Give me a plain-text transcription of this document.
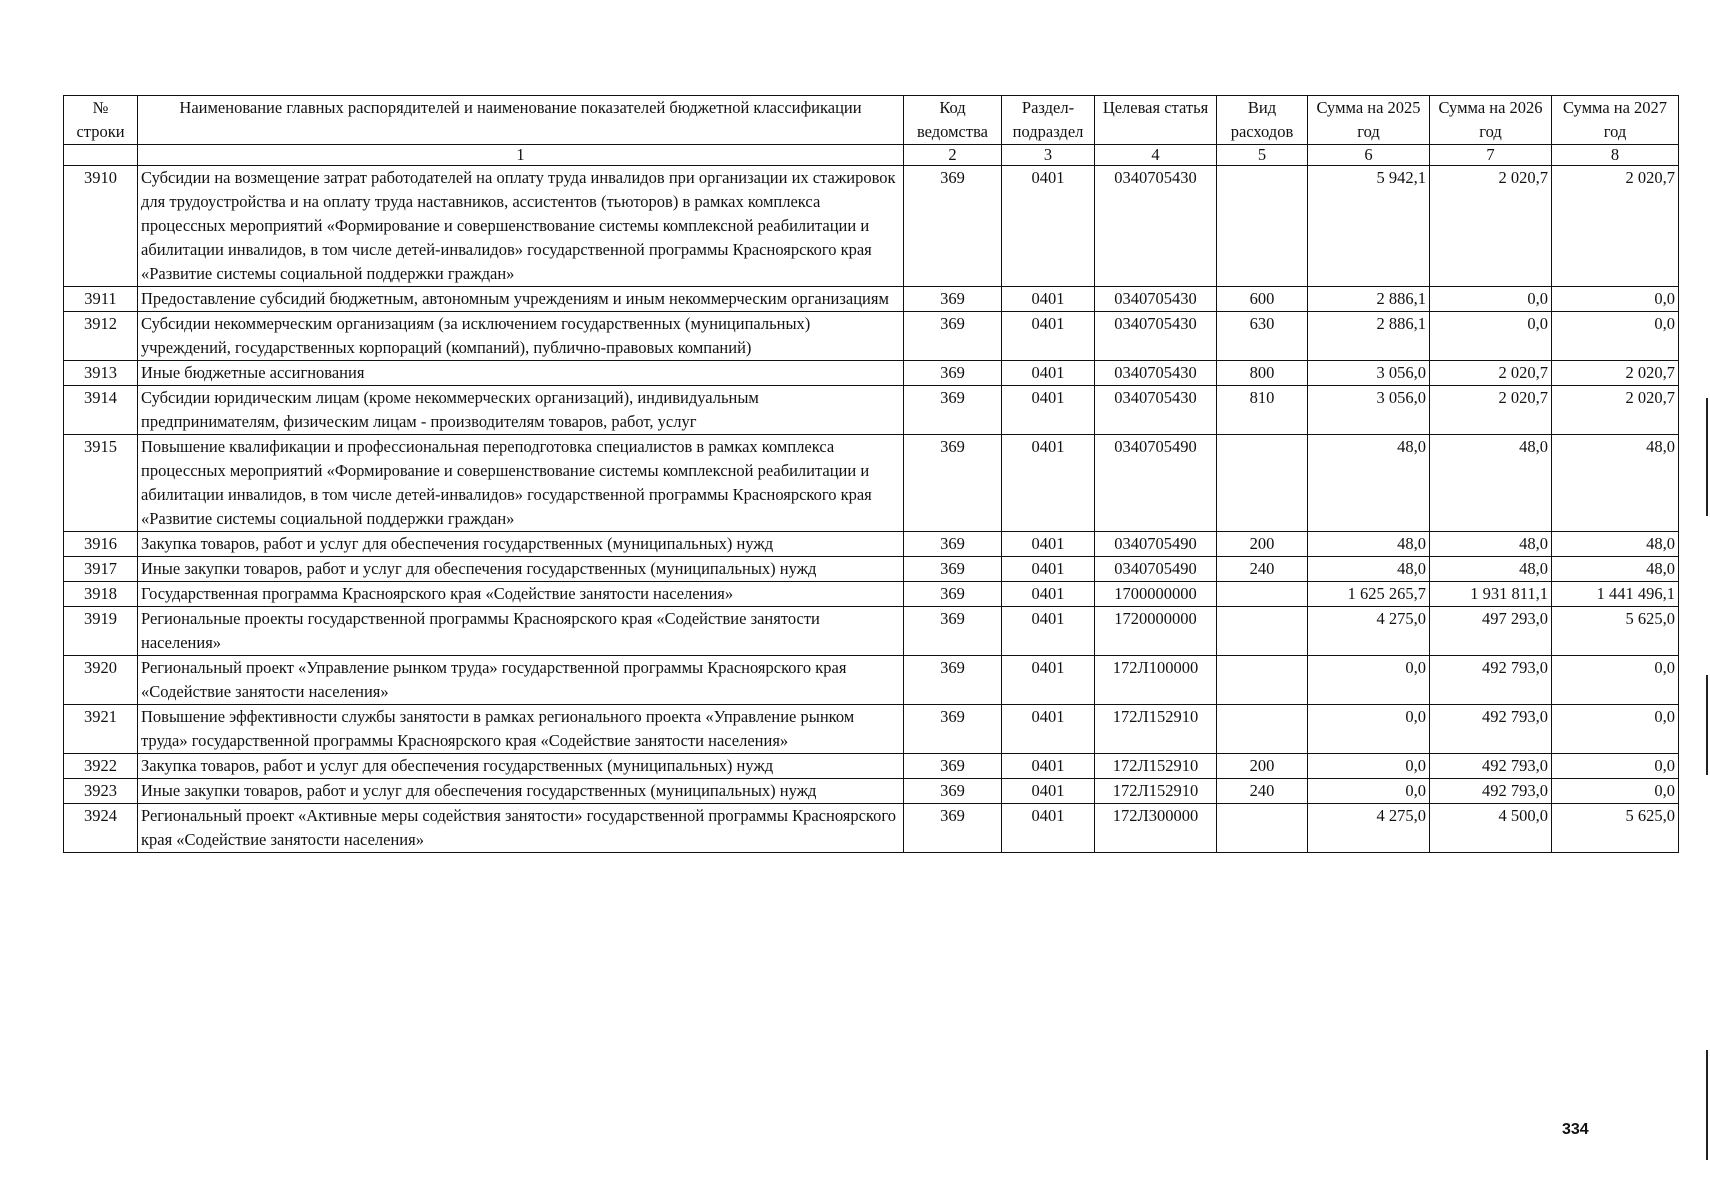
№ строки	Наименование главных распорядителей и наименование показателей бюджетной классификации	Код ведомства	Раздел- подраздел	Целевая статья	Вид расходов	Сумма на 2025 год	Сумма на 2026 год	Сумма на 2027 год
	1	2	3	4	5	6	7	8
3910	Субсидии на возмещение затрат работодателей на оплату труда инвалидов при организации их стажировок для трудоустройства и на оплату труда наставников, ассистентов (тьюторов) в рамках комплекса процессных мероприятий «Формирование и совершенствование системы комплексной реабилитации и абилитации инвалидов, в том числе детей-инвалидов» государственной программы Красноярского края «Развитие системы социальной поддержки граждан»	369	0401	0340705430		5 942,1	2 020,7	2 020,7
3911	Предоставление субсидий бюджетным, автономным учреждениям и иным некоммерческим организациям	369	0401	0340705430	600	2 886,1	0,0	0,0
3912	Субсидии некоммерческим организациям (за исключением государственных (муниципальных) учреждений, государственных корпораций (компаний), публично-правовых компаний)	369	0401	0340705430	630	2 886,1	0,0	0,0
3913	Иные бюджетные ассигнования	369	0401	0340705430	800	3 056,0	2 020,7	2 020,7
3914	Субсидии юридическим лицам (кроме некоммерческих организаций), индивидуальным предпринимателям, физическим лицам - производителям товаров, работ, услуг	369	0401	0340705430	810	3 056,0	2 020,7	2 020,7
3915	Повышение квалификации и профессиональная переподготовка специалистов в рамках комплекса процессных мероприятий «Формирование и совершенствование системы комплексной реабилитации и абилитации инвалидов, в том числе детей-инвалидов» государственной программы Красноярского края «Развитие системы социальной поддержки граждан»	369	0401	0340705490		48,0	48,0	48,0
3916	Закупка товаров, работ и услуг для обеспечения государственных (муниципальных) нужд	369	0401	0340705490	200	48,0	48,0	48,0
3917	Иные закупки товаров, работ и услуг для обеспечения государственных (муниципальных) нужд	369	0401	0340705490	240	48,0	48,0	48,0
3918	Государственная программа Красноярского края «Содействие занятости населения»	369	0401	1700000000		1 625 265,7	1 931 811,1	1 441 496,1
3919	Региональные проекты государственной программы Красноярского края «Содействие занятости населения»	369	0401	1720000000		4 275,0	497 293,0	5 625,0
3920	Региональный проект «Управление рынком труда» государственной программы Красноярского края «Содействие занятости населения»	369	0401	172Л100000		0,0	492 793,0	0,0
3921	Повышение эффективности службы занятости в рамках регионального проекта «Управление рынком труда» государственной программы Красноярского края «Содействие занятости населения»	369	0401	172Л152910		0,0	492 793,0	0,0
3922	Закупка товаров, работ и услуг для обеспечения государственных (муниципальных) нужд	369	0401	172Л152910	200	0,0	492 793,0	0,0
3923	Иные закупки товаров, работ и услуг для обеспечения государственных (муниципальных) нужд	369	0401	172Л152910	240	0,0	492 793,0	0,0
3924	Региональный проект «Активные меры содействия занятости» государственной программы Красноярского края «Содействие занятости населения»	369	0401	172Л300000		4 275,0	4 500,0	5 625,0
334
